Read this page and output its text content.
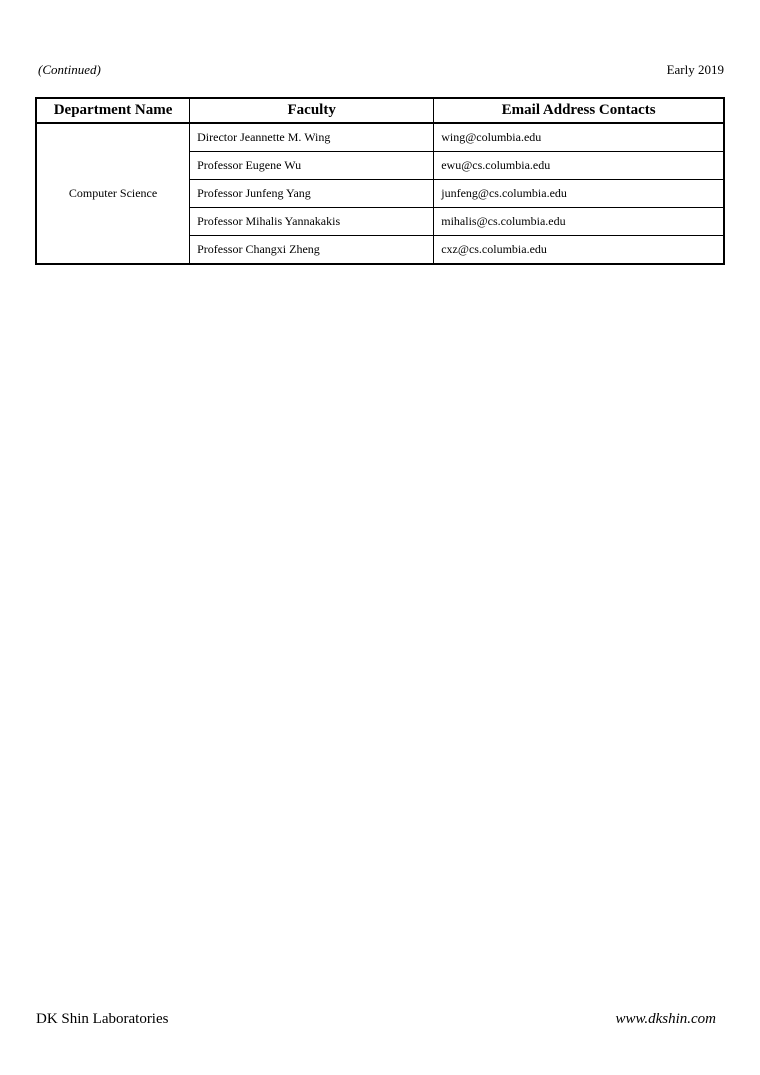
(Continued)	Early 2019
Department Name	Faculty	Email Address Contacts
Computer Science	Director Jeannette M. Wing	wing@columbia.edu
	Professor Eugene Wu	ewu@cs.columbia.edu
	Professor Junfeng Yang	junfeng@cs.columbia.edu
	Professor Mihalis Yannakakis	mihalis@cs.columbia.edu
	Professor Changxi Zheng	cxz@cs.columbia.edu
DK Shin Laboratories	www.dkshin.com
